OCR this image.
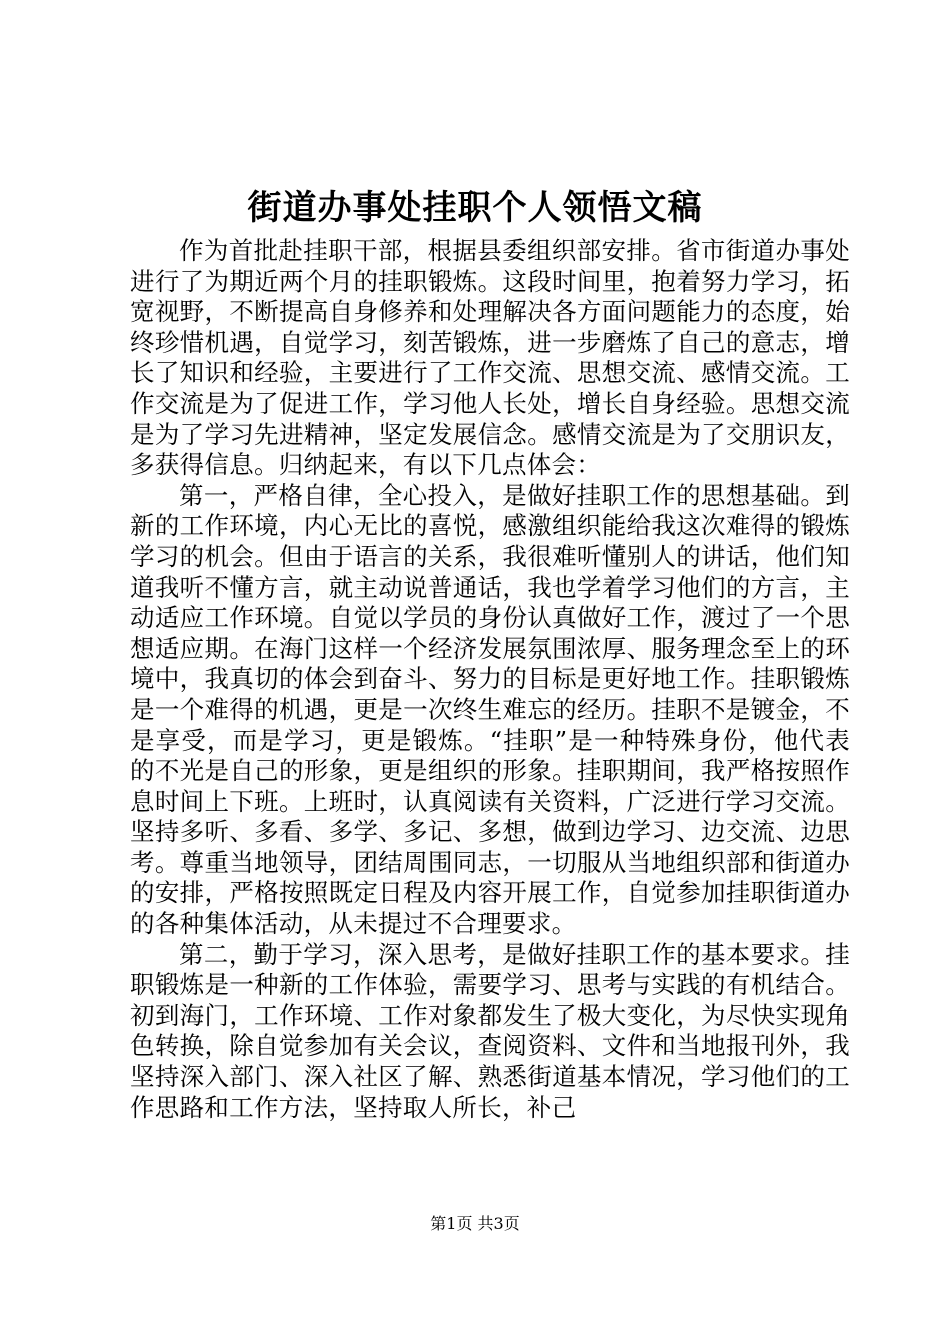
街道办事处挂职个人领悟文稿

作为首批赴挂职干部，根据县委组织部安排。省市街道办事处进行了为期近两个月的挂职锻炼。这段时间里，抱着努力学习，拓宽视野，不断提高自身修养和处理解决各方面问题能力的态度，始终珍惜机遇，自觉学习，刻苦锻炼，进一步磨炼了自己的意志，增长了知识和经验，主要进行了工作交流、思想交流、感情交流。工作交流是为了促进工作，学习他人长处，增长自身经验。思想交流是为了学习先进精神，坚定发展信念。感情交流是为了交朋识友，多获得信息。归纳起来，有以下几点体会：

第一，严格自律，全心投入，是做好挂职工作的思想基础。到新的工作环境，内心无比的喜悦，感激组织能给我这次难得的锻炼学习的机会。但由于语言的关系，我很难听懂别人的讲话，他们知道我听不懂方言，就主动说普通话，我也学着学习他们的方言，主动适应工作环境。自觉以学员的身份认真做好工作，渡过了一个思想适应期。在海门这样一个经济发展氛围浓厚、服务理念至上的环境中，我真切的体会到奋斗、努力的目标是更好地工作。挂职锻炼是一个难得的机遇，更是一次终生难忘的经历。挂职不是镀金，不是享受，而是学习，更是锻炼。“挂职”是一种特殊身份，他代表的不光是自己的形象，更是组织的形象。挂职期间，我严格按照作息时间上下班。上班时，认真阅读有关资料，广泛进行学习交流。坚持多听、多看、多学、多记、多想，做到边学习、边交流、边思考。尊重当地领导，团结周围同志，一切服从当地组织部和街道办的安排，严格按照既定日程及内容开展工作，自觉参加挂职街道办的各种集体活动，从未提过不合理要求。

第二，勤于学习，深入思考，是做好挂职工作的基本要求。挂职锻炼是一种新的工作体验，需要学习、思考与实践的有机结合。初到海门，工作环境、工作对象都发生了极大变化，为尽快实现角色转换，除自觉参加有关会议，查阅资料、文件和当地报刊外，我坚持深入部门、深入社区了解、熟悉街道基本情况，学习他们的工作思路和工作方法，坚持取人所长，补己

第1页 共3页
